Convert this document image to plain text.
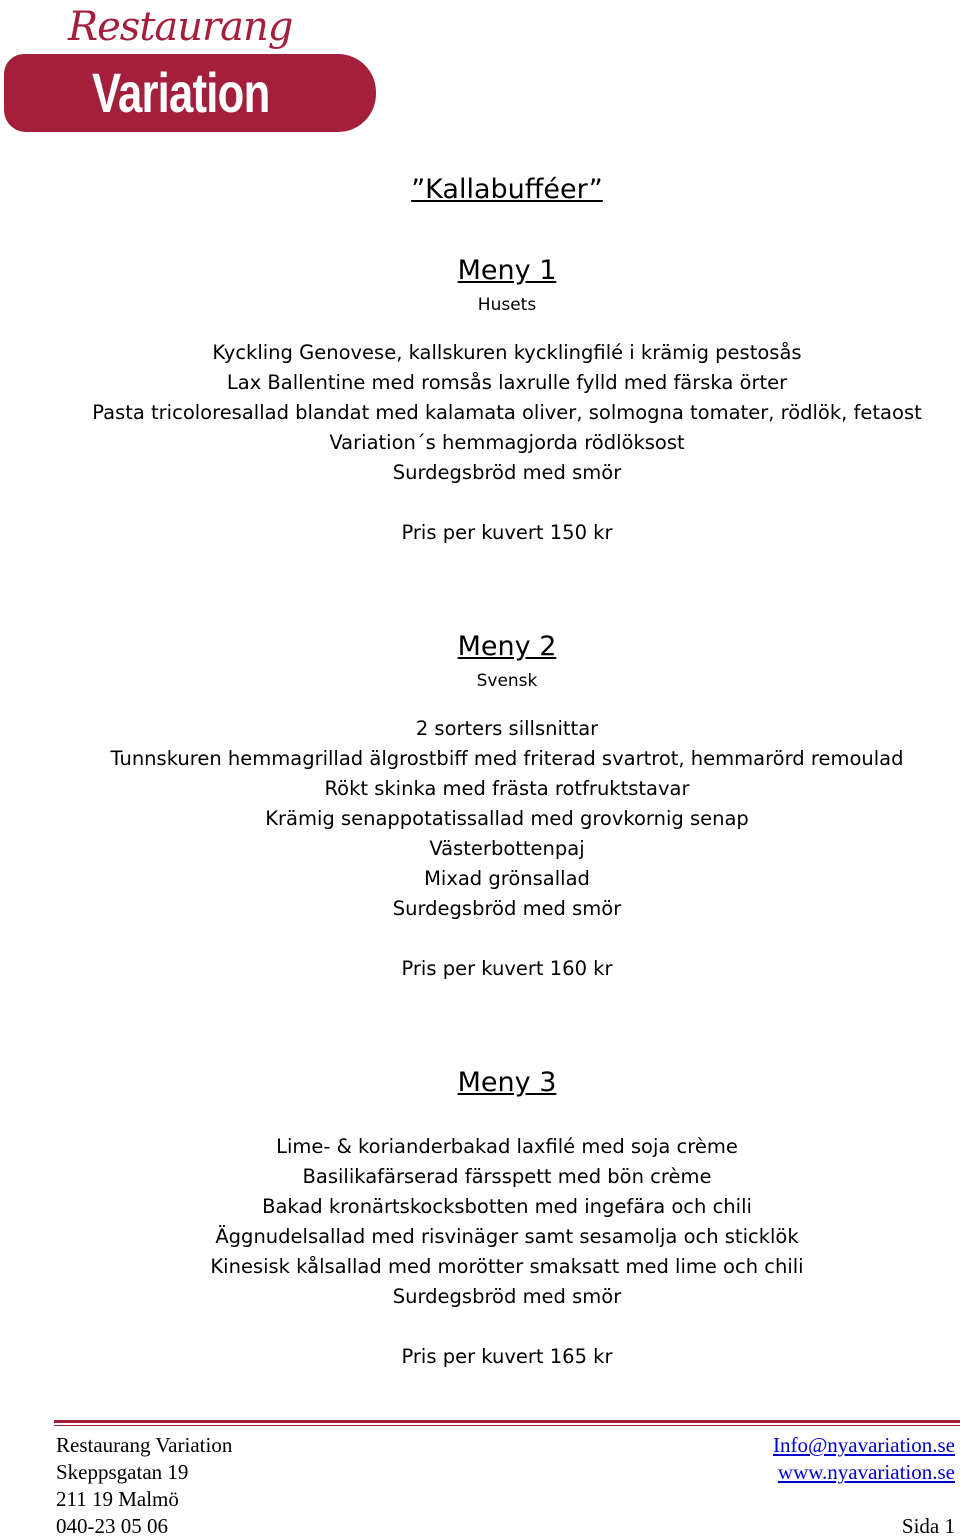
Restaurang
Variation
”Kallabufféer”
Meny 1
Husets
Kyckling Genovese, kallskuren kycklingfilé i krämig pestosås
Lax Ballentine med romsås laxrulle fylld med färska örter
Pasta tricoloresallad blandat med kalamata oliver, solmogna tomater, rödlök, fetaost
Variation´s hemmagjorda rödlöksost
Surdegsbröd med smör
Pris per kuvert 150 kr
Meny 2
Svensk
2 sorters sillsnittar
Tunnskuren hemmagrillad älgrostbiff med friterad svartrot, hemmarörd remoulad
Rökt skinka med frästa rotfruktstavar
Krämig senappotatissallad med grovkornig senap
Västerbottenpaj
Mixad grönsallad
Surdegsbröd med smör
Pris per kuvert 160 kr
Meny 3
Lime- & korianderbakad laxfilé med soja crème
Basilikafärserad färsspett med bön crème
Bakad kronärtskocksbotten med ingefära och chili
Äggnudelsallad med risvinäger samt sesamolja och sticklök
Kinesisk kålsallad med morötter smaksatt med lime och chili
Surdegsbröd med smör
Pris per kuvert 165 kr
Restaurang Variation
Skeppsgatan 19
211 19 Malmö
040-23 05 06
Info@nyavariation.se
www.nyavariation.se
Sida 1
